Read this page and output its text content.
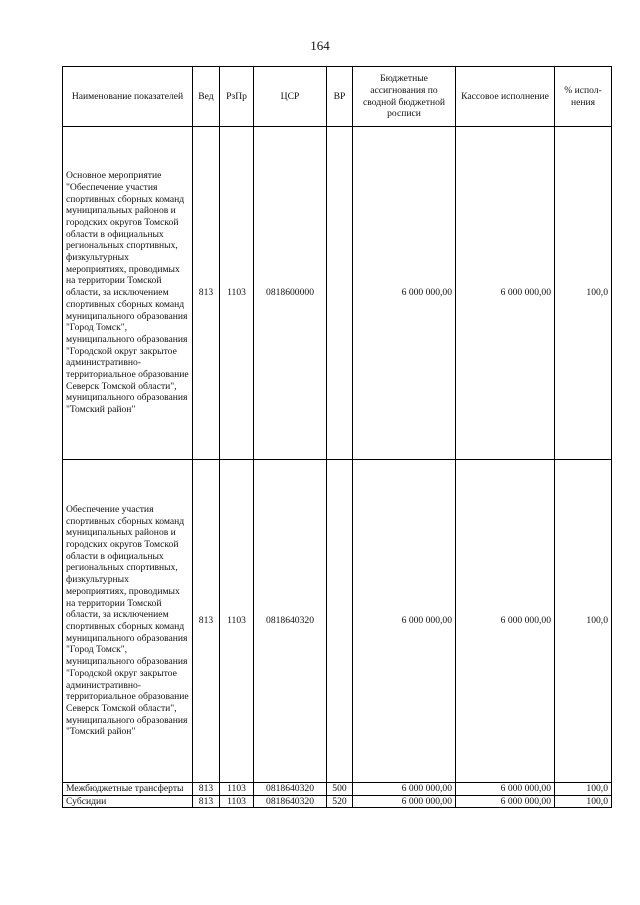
164
Наименование показателей	Вед	РзПр	ЦСР	ВР	Бюджетные ассигнования по сводной бюджетной росписи	Кассовое исполнение	% испол-нения
Основное мероприятие "Обеспечение участия спортивных сборных команд муниципальных районов и городских округов Томской области в официальных региональных спортивных, физкультурных мероприятиях, проводимых на территории Томской области, за исключением спортивных сборных команд муниципального образования "Город Томск", муниципального образования "Городской округ закрытое административно-территориальное образование Северск Томской области", муниципального образования "Томский район"	813	1103	0818600000		6 000 000,00	6 000 000,00	100,0
Обеспечение участия спортивных сборных команд муниципальных районов и городских округов Томской области в официальных региональных спортивных, физкультурных мероприятиях, проводимых на территории Томской области, за исключением спортивных сборных команд муниципального образования "Город Томск", муниципального образования "Городской округ закрытое административно-территориальное образование Северск Томской области", муниципального образования "Томский район"	813	1103	0818640320		6 000 000,00	6 000 000,00	100,0
Межбюджетные трансферты	813	1103	0818640320	500	6 000 000,00	6 000 000,00	100,0
Субсидии	813	1103	0818640320	520	6 000 000,00	6 000 000,00	100,0
